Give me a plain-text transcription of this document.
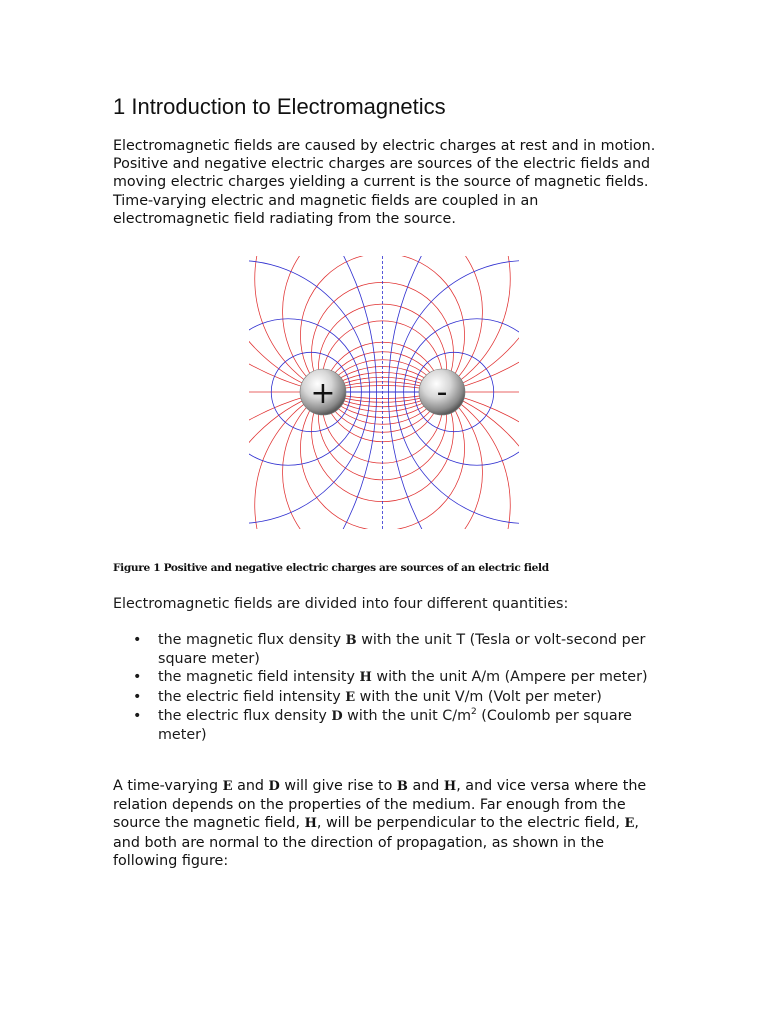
1 Introduction to Electromagnetics

Electromagnetic fields are caused by electric charges at rest and in motion. Positive and negative electric charges are sources of the electric fields and moving electric charges yielding a current is the source of magnetic fields. Time-varying electric and magnetic fields are coupled in an electromagnetic field radiating from the source.

+	-

Figure 1 Positive and negative electric charges are sources of an electric field

Electromagnetic fields are divided into four different quantities:

• the magnetic flux density B with the unit T (Tesla or volt-second per square meter)
• the magnetic field intensity H with the unit A/m (Ampere per meter)
• the electric field intensity E with the unit V/m (Volt per meter)
• the electric flux density D with the unit $C/m^2$ (Coulomb per square meter)

A time-varying E and D will give rise to B and H, and vice versa where the relation depends on the properties of the medium. Far enough from the source the magnetic field, H, will be perpendicular to the electric field, E, and both are normal to the direction of propagation, as shown in the following figure:
